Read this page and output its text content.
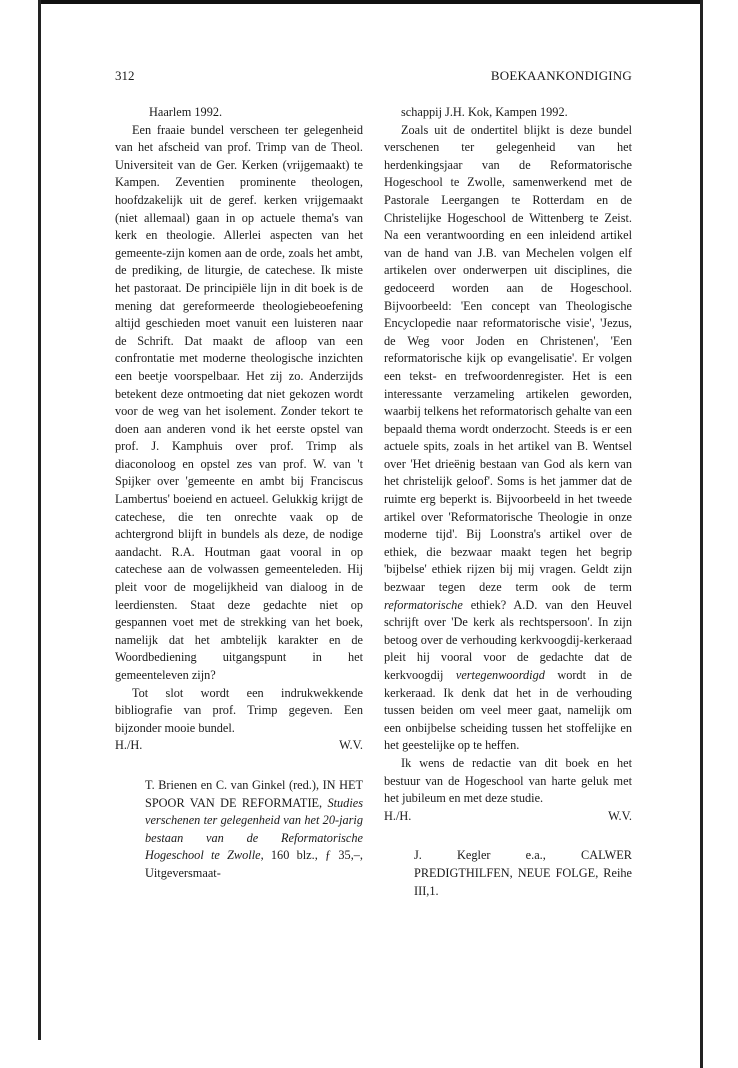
312	BOEKAANKONDIGING

Haarlem 1992.

Een fraaie bundel verscheen ter gelegenheid van het afscheid van prof. Trimp van de Theol. Universiteit van de Ger. Kerken (vrijgemaakt) te Kampen. Zeventien prominente theologen, hoofdzakelijk uit de geref. kerken vrijgemaakt (niet allemaal) gaan in op actuele thema's van kerk en theologie. Allerlei aspecten van het gemeente-zijn komen aan de orde, zoals het ambt, de prediking, de liturgie, de catechese. Ik miste het pastoraat. De principiële lijn in dit boek is de mening dat gereformeerde theologiebeoefening altijd geschieden moet vanuit een luisteren naar de Schrift. Dat maakt de afloop van een confrontatie met moderne theologische inzichten een beetje voorspelbaar. Het zij zo. Anderzijds betekent deze ontmoeting dat niet gekozen wordt voor de weg van het isolement. Zonder tekort te doen aan anderen vond ik het eerste opstel van prof. J. Kamphuis over prof. Trimp als diaconoloog en opstel zes van prof. W. van 't Spijker over 'gemeente en ambt bij Franciscus Lambertus' boeiend en actueel. Gelukkig krijgt de catechese, die ten onrechte vaak op de achtergrond blijft in bundels als deze, de nodige aandacht. R.A. Houtman gaat vooral in op catechese aan de volwassen gemeenteleden. Hij pleit voor de mogelijkheid van dialoog in de leerdiensten. Staat deze gedachte niet op gespannen voet met de strekking van het boek, namelijk dat het ambtelijk karakter en de Woordbediening uitgangspunt in het gemeenteleven zijn?

Tot slot wordt een indrukwekkende bibliografie van prof. Trimp gegeven. Een bijzonder mooie bundel.

H./H.	W.V.

T. Brienen en C. van Ginkel (red.), IN HET SPOOR VAN DE REFORMATIE, Studies verschenen ter gelegenheid van het 20-jarig bestaan van de Reformatorische Hogeschool te Zwolle, 160 blz., ƒ 35,–, Uitgeversmaat-

schappij J.H. Kok, Kampen 1992.

Zoals uit de ondertitel blijkt is deze bundel verschenen ter gelegenheid van het herdenkingsjaar van de Reformatorische Hogeschool te Zwolle, samenwerkend met de Pastorale Leergangen te Rotterdam en de Christelijke Hogeschool de Wittenberg te Zeist. Na een verantwoording en een inleidend artikel van de hand van J.B. van Mechelen volgen elf artikelen over onderwerpen uit disciplines, die gedoceerd worden aan de Hogeschool. Bijvoorbeeld: 'Een concept van Theologische Encyclopedie naar reformatorische visie', 'Jezus, de Weg voor Joden en Christenen', 'Een reformatorische kijk op evangelisatie'. Er volgen een tekst- en trefwoordenregister. Het is een interessante verzameling artikelen geworden, waarbij telkens het reformatorisch gehalte van een bepaald thema wordt onderzocht. Steeds is er een actuele spits, zoals in het artikel van B. Wentsel over 'Het drieënig bestaan van God als kern van het christelijk geloof'. Soms is het jammer dat de ruimte erg beperkt is. Bijvoorbeeld in het tweede artikel over 'Reformatorische Theologie in onze moderne tijd'. Bij Loonstra's artikel over de ethiek, die bezwaar maakt tegen het begrip 'bijbelse' ethiek rijzen bij mij vragen. Geldt zijn bezwaar tegen deze term ook de term reformatorische ethiek? A.D. van den Heuvel schrijft over 'De kerk als rechtspersoon'. In zijn betoog over de verhouding kerkvoogdij-kerkeraad pleit hij vooral voor de gedachte dat de kerkvoogdij vertegenwoordigd wordt in de kerkeraad. Ik denk dat het in de verhouding tussen beiden om veel meer gaat, namelijk om een onbijbelse scheiding tussen het stoffelijke en het geestelijke op te heffen.

Ik wens de redactie van dit boek en het bestuur van de Hogeschool van harte geluk met het jubileum en met deze studie.

H./H.	W.V.

J. Kegler e.a., CALWER PREDIGTHILFEN, NEUE FOLGE, Reihe III,1.
